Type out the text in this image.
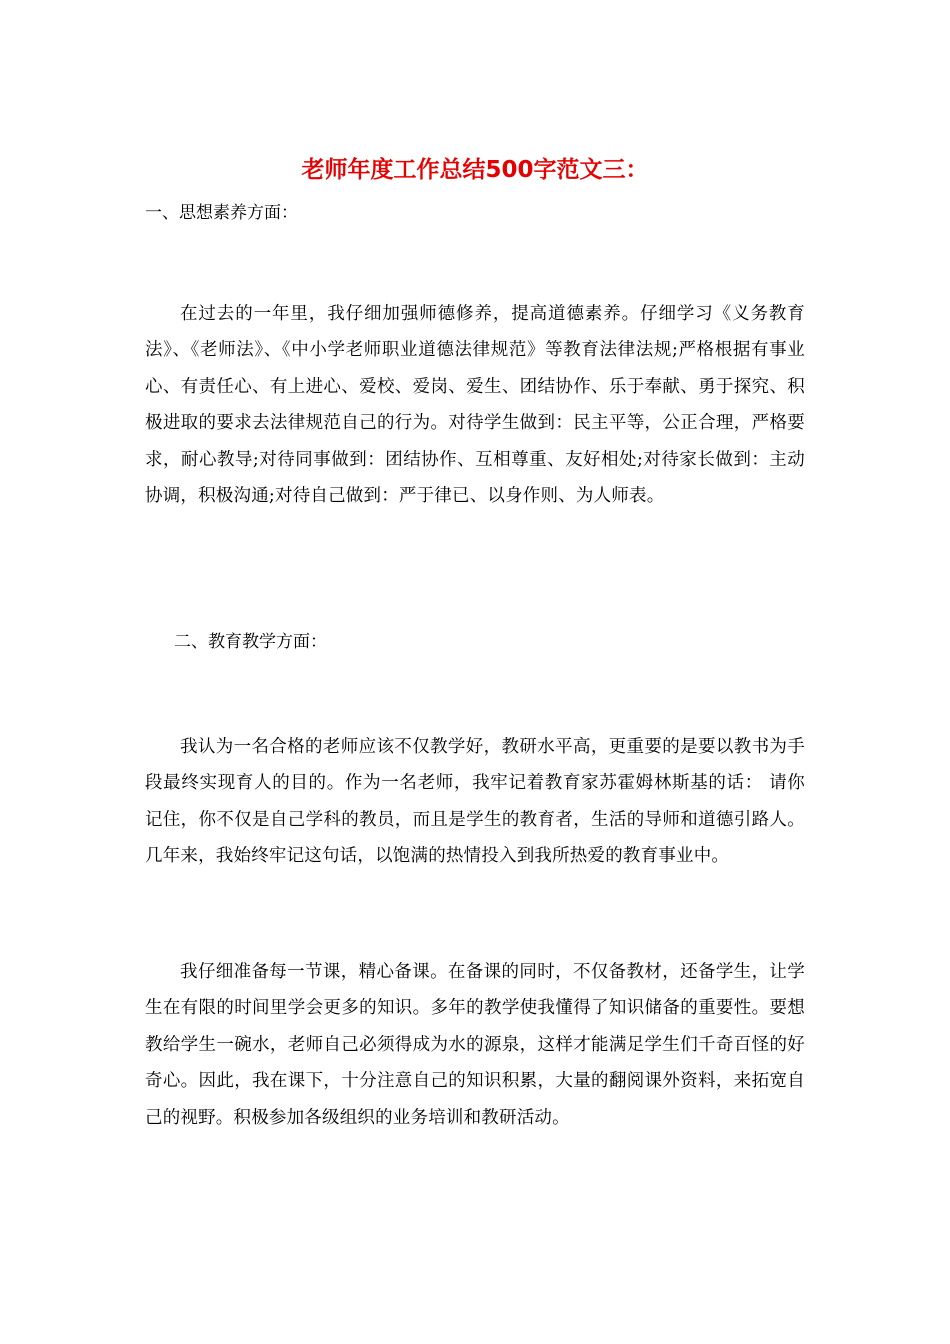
老师年度工作总结500字范文三：
一、思想素养方面：

在过去的一年里，我仔细加强师德修养，提高道德素养。仔细学习《义务教育法》、《老师法》、《中小学老师职业道德法律规范》等教育法律法规;严格根据有事业心、有责任心、有上进心、爱校、爱岗、爱生、团结协作、乐于奉献、勇于探究、积极进取的要求去法律规范自己的行为。对待学生做到：民主平等，公正合理，严格要求，耐心教导;对待同事做到：团结协作、互相尊重、友好相处;对待家长做到：主动协调，积极沟通;对待自己做到：严于律已、以身作则、为人师表。

二、教育教学方面：

我认为一名合格的老师应该不仅教学好，教研水平高，更重要的是要以教书为手段最终实现育人的目的。作为一名老师，我牢记着教育家苏霍姆林斯基的话： 请你记住，你不仅是自己学科的教员，而且是学生的教育者，生活的导师和道德引路人。 几年来，我始终牢记这句话，以饱满的热情投入到我所热爱的教育事业中。

我仔细准备每一节课，精心备课。在备课的同时，不仅备教材，还备学生，让学生在有限的时间里学会更多的知识。多年的教学使我懂得了知识储备的重要性。要想教给学生一碗水，老师自己必须得成为水的源泉，这样才能满足学生们千奇百怪的好奇心。因此，我在课下，十分注意自己的知识积累，大量的翻阅课外资料，来拓宽自己的视野。积极参加各级组织的业务培训和教研活动。
